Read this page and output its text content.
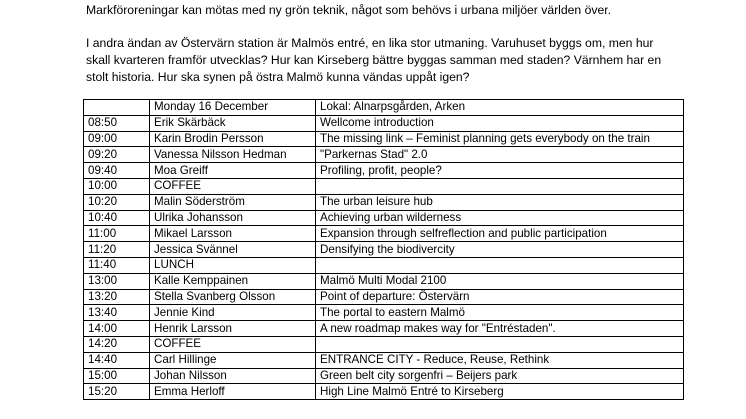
Markföroreningar kan mötas med ny grön teknik, något som behövs i urbana miljöer världen över.
I andra ändan av Östervärn station är Malmös entré, en lika stor utmaning. Varuhuset byggs om, men hur
skall kvarteren framför utvecklas? Hur kan Kirseberg bättre byggas samman med staden? Värnhem har en
stolt historia. Hur ska synen på östra Malmö kunna vändas uppåt igen?
	Monday 16 December	Lokal: Alnarpsgården, Arken
08:50	Erik Skärbäck	Wellcome introduction
09:00	Karin Brodin Persson	The missing link – Feminist planning gets everybody on the train
09:20	Vanessa Nilsson Hedman	"Parkernas Stad" 2.0
09:40	Moa Greiff	Profiling, profit, people?
10:00	COFFEE	
10:20	Malin Söderström	The urban leisure hub
10:40	Ulrika Johansson	Achieving urban wilderness
11:00	Mikael Larsson	Expansion through selfreflection and public participation
11:20	Jessica Svännel	Densifying the biodivercity
11:40	LUNCH	
13:00	Kalle Kemppainen	Malmö Multi Modal 2100
13:20	Stella Svanberg Olsson	Point of departure: Östervärn
13:40	Jennie Kind	The portal to eastern Malmö
14:00	Henrik Larsson	A new roadmap makes way for "Entréstaden".
14:20	COFFEE	
14:40	Carl Hillinge	ENTRANCE CITY - Reduce, Reuse, Rethink
15:00	Johan Nilsson	Green belt city sorgenfri – Beijers park
15:20	Emma Herloff	High Line Malmö Entré to Kirseberg
